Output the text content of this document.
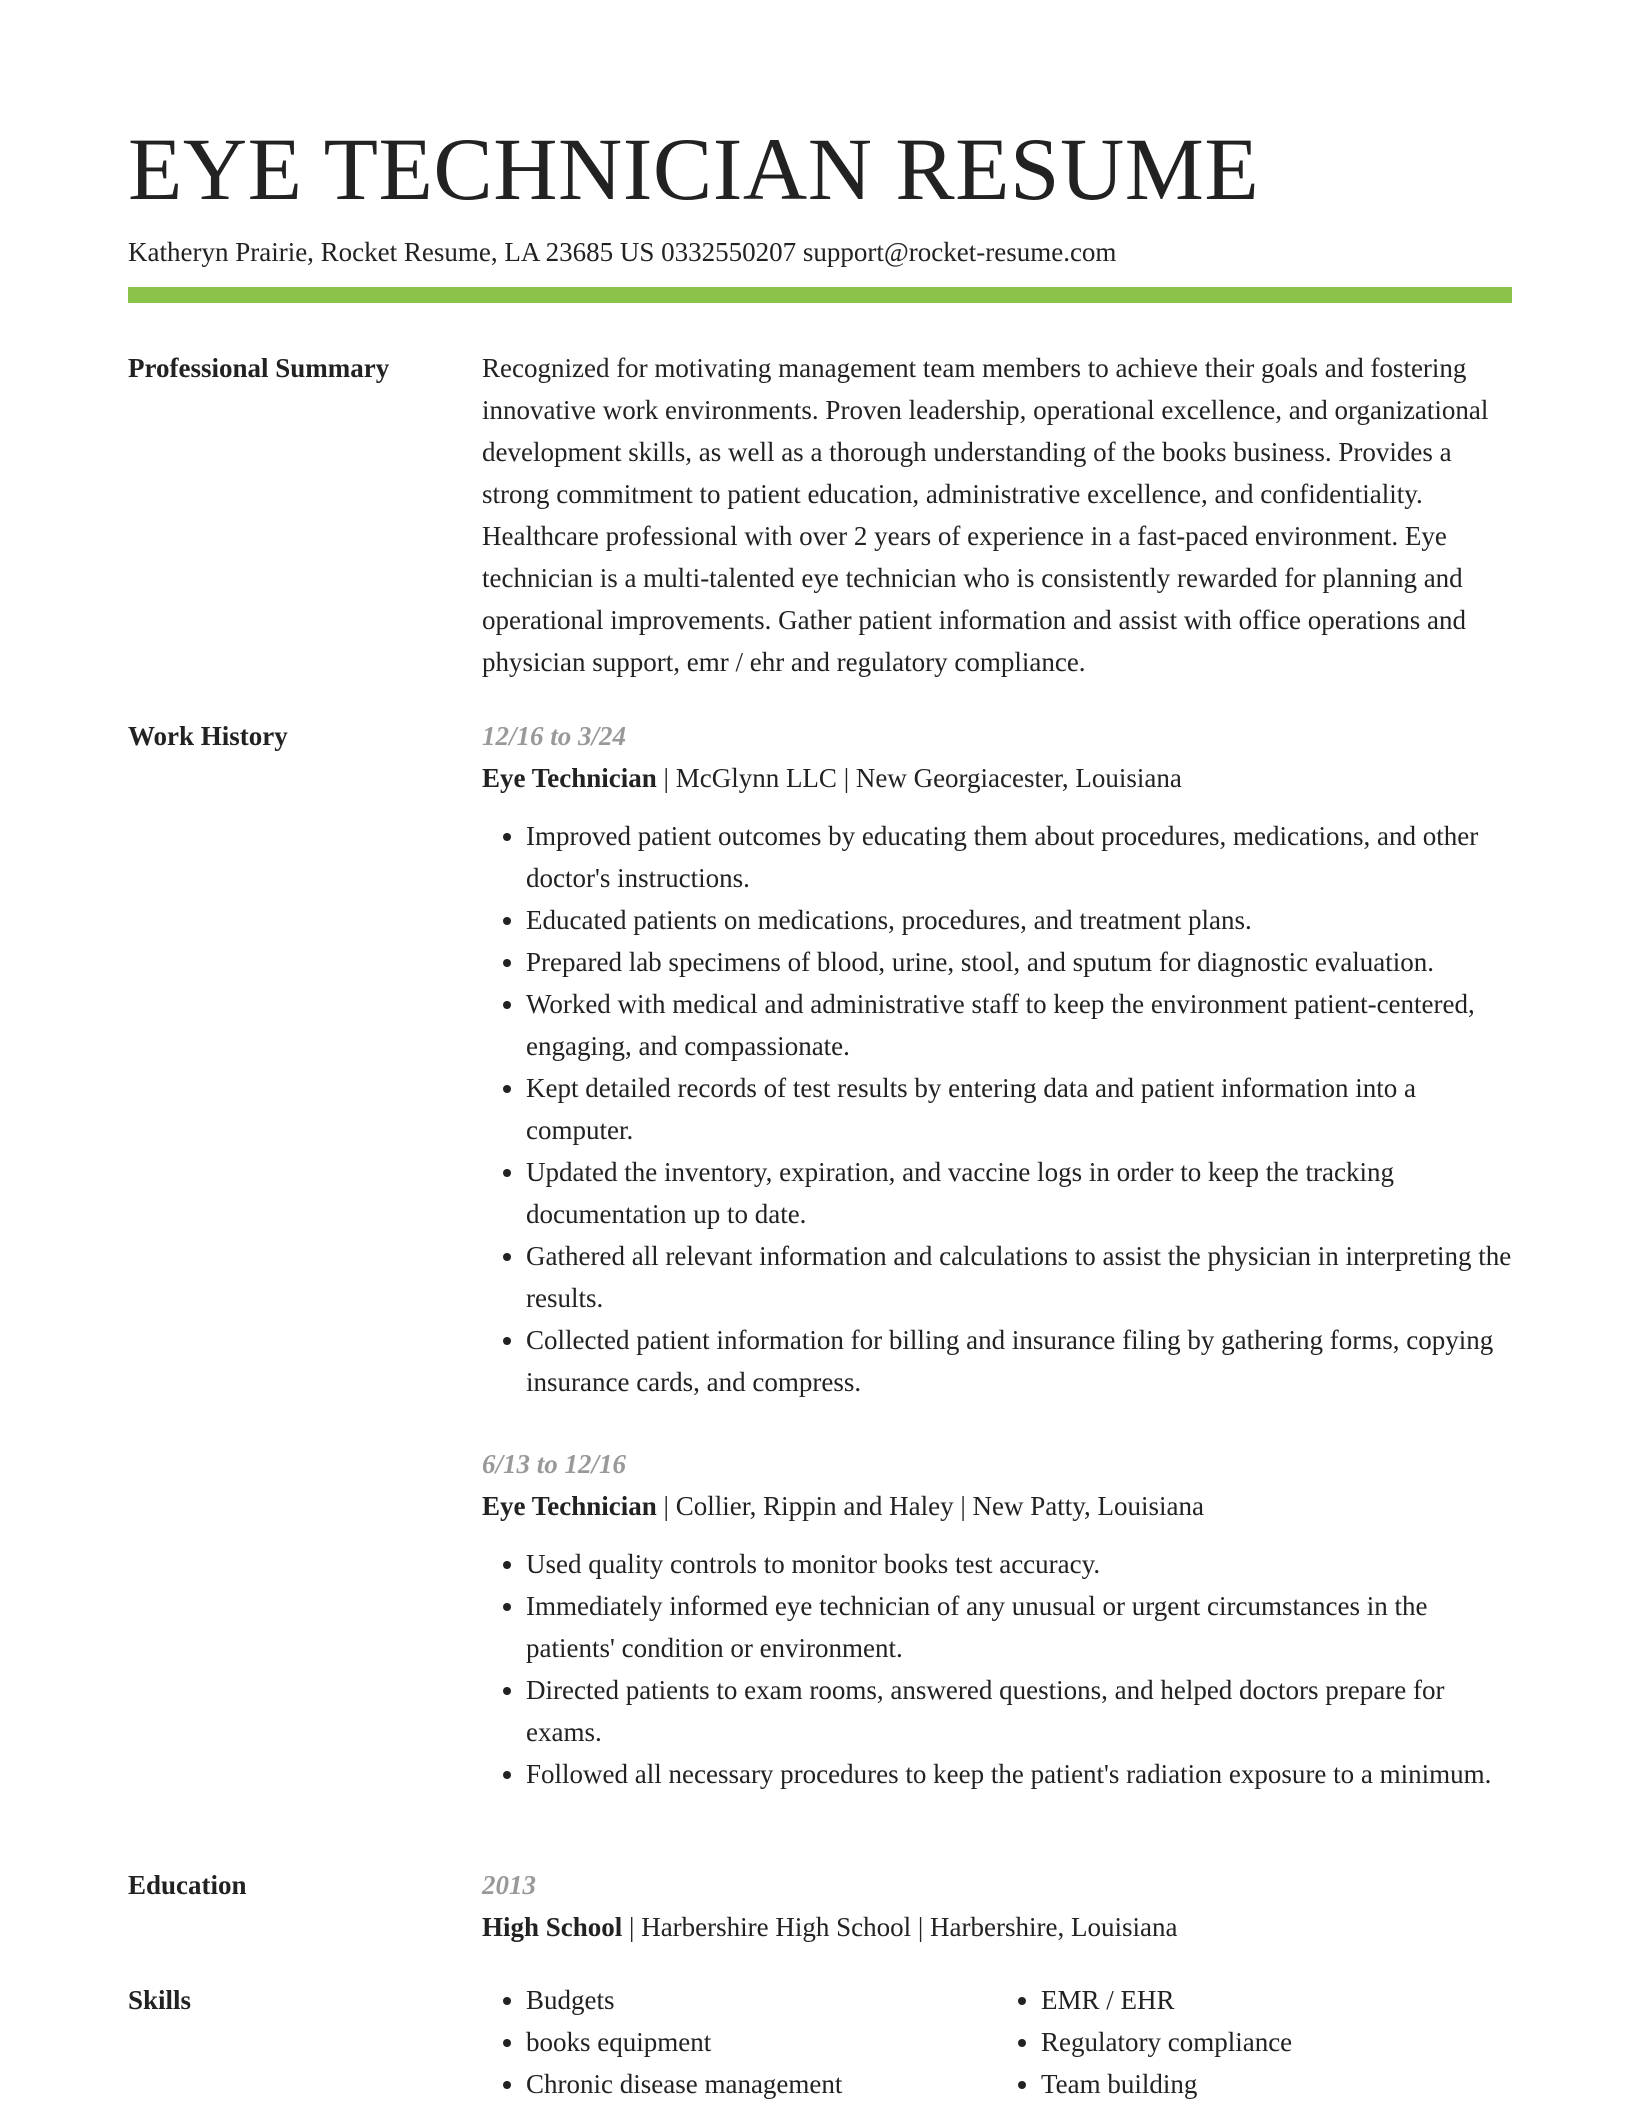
EYE TECHNICIAN RESUME
Katheryn Prairie, Rocket Resume, LA 23685 US 0332550207 support@rocket-resume.com
Professional Summary	Recognized for motivating management team members to achieve their goals and fostering innovative work environments. Proven leadership, operational excellence, and organizational development skills, as well as a thorough understanding of the books business. Provides a strong commitment to patient education, administrative excellence, and confidentiality. Healthcare professional with over 2 years of experience in a fast-paced environment. Eye technician is a multi-talented eye technician who is consistently rewarded for planning and operational improvements. Gather patient information and assist with office operations and physician support, emr / ehr and regulatory compliance.

Work History	12/16 to 3/24
Eye Technician | McGlynn LLC | New Georgiacester, Louisiana
• Improved patient outcomes by educating them about procedures, medications, and other doctor's instructions.
• Educated patients on medications, procedures, and treatment plans.
• Prepared lab specimens of blood, urine, stool, and sputum for diagnostic evaluation.
• Worked with medical and administrative staff to keep the environment patient-centered, engaging, and compassionate.
• Kept detailed records of test results by entering data and patient information into a computer.
• Updated the inventory, expiration, and vaccine logs in order to keep the tracking documentation up to date.
• Gathered all relevant information and calculations to assist the physician in interpreting the results.
• Collected patient information for billing and insurance filing by gathering forms, copying insurance cards, and compress.
6/13 to 12/16
Eye Technician | Collier, Rippin and Haley | New Patty, Louisiana
• Used quality controls to monitor books test accuracy.
• Immediately informed eye technician of any unusual or urgent circumstances in the patients' condition or environment.
• Directed patients to exam rooms, answered questions, and helped doctors prepare for exams.
• Followed all necessary procedures to keep the patient's radiation exposure to a minimum.
Education	2013
High School | Harbershire High School | Harbershire, Louisiana
Skills
•	Budgets
• books equipment
• Chronic disease management
• EMR / EHR
• Regulatory compliance
• Team building
